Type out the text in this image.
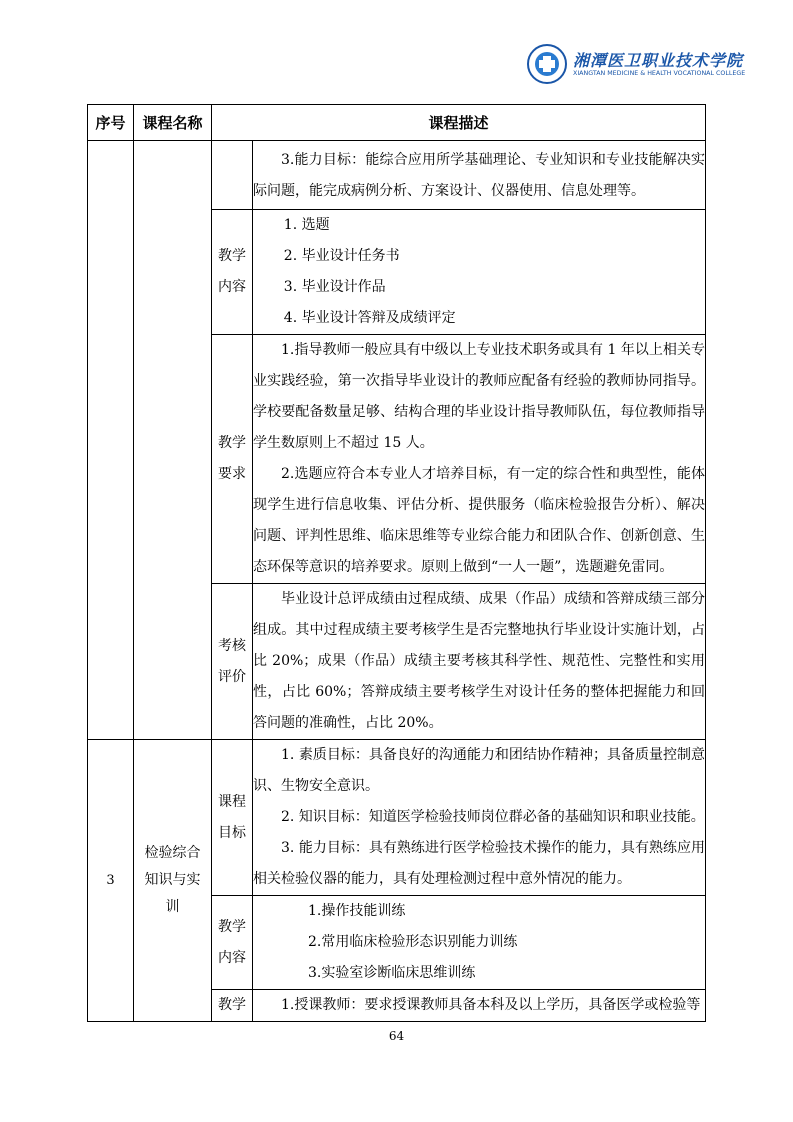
湘潭医卫职业技术学院
XIANGTAN MEDICINE & HEALTH VOCATIONAL COLLEGE
序号	课程名称	课程描述	

			3.能力目标：能综合应用所学基础理论、专业知识和专业技能解决实际问题，能完成病例分析、方案设计、仪器使用、信息处理等。

		教学内容	1. 选题
2. 毕业设计任务书
3. 毕业设计作品
4. 毕业设计答辩及成绩评定

		教学要求	1.指导教师一般应具有中级以上专业技术职务或具有 1 年以上相关专业实践经验，第一次指导毕业设计的教师应配备有经验的教师协同指导。学校要配备数量足够、结构合理的毕业设计指导教师队伍，每位教师指导学生数原则上不超过 15 人。
2.选题应符合本专业人才培养目标，有一定的综合性和典型性，能体现学生进行信息收集、评估分析、提供服务（临床检验报告分析）、解决问题、评判性思维、临床思维等专业综合能力和团队合作、创新创意、生态环保等意识的培养要求。原则上做到“一人一题”，选题避免雷同。

		考核评价	毕业设计总评成绩由过程成绩、成果（作品）成绩和答辩成绩三部分组成。其中过程成绩主要考核学生是否完整地执行毕业设计实施计划，占比 20%；成果（作品）成绩主要考核其科学性、规范性、完整性和实用性，占比 60%；答辩成绩主要考核学生对设计任务的整体把握能力和回答问题的准确性，占比 20%。

3	检验综合知识与实训	课程目标	1. 素质目标：具备良好的沟通能力和团结协作精神；具备质量控制意识、生物安全意识。
2. 知识目标：知道医学检验技师岗位群必备的基础知识和职业技能。
3. 能力目标：具有熟练进行医学检验技术操作的能力，具有熟练应用相关检验仪器的能力，具有处理检测过程中意外情况的能力。

		教学内容	1.操作技能训练
2.常用临床检验形态识别能力训练
3.实验室诊断临床思维训练

		教学	1.授课教师：要求授课教师具备本科及以上学历，具备医学或检验等
64
